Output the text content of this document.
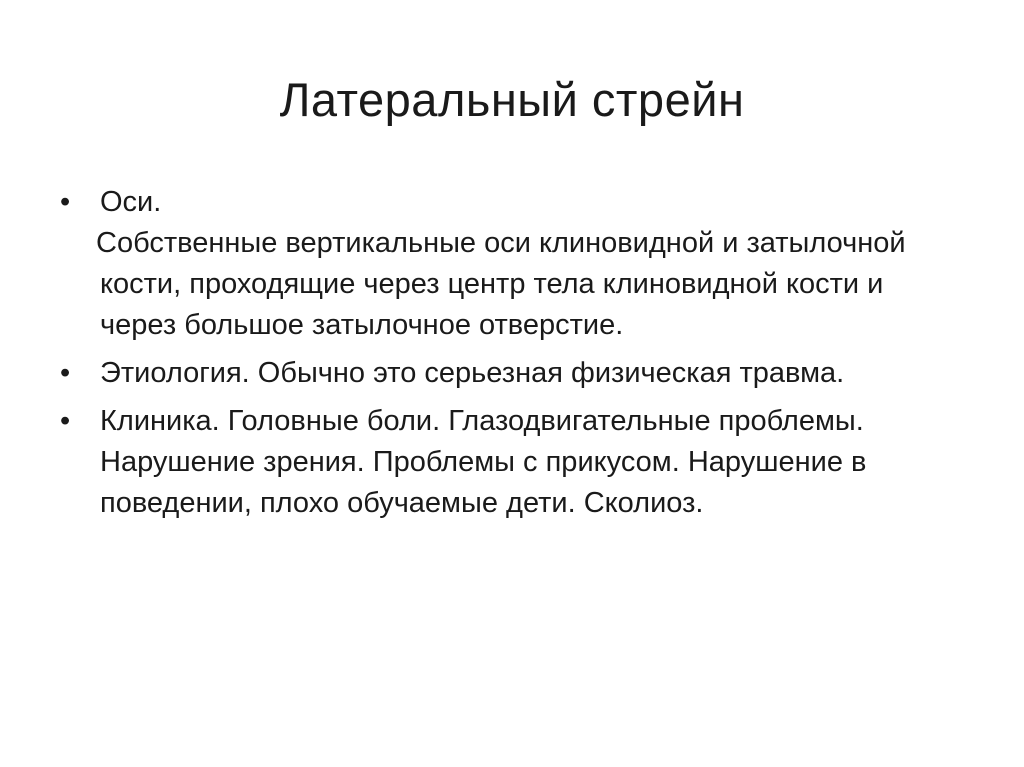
Латеральный стрейн
•	Оси.
Собственные вертикальные оси клиновидной и затылочной кости, проходящие через центр тела клиновидной кости и через большое затылочное отверстие.
•	Этиология. Обычно это серьезная физическая травма.
•	Клиника. Головные боли. Глазодвигательные проблемы. Нарушение зрения. Проблемы с прикусом. Нарушение в поведении, плохо обучаемые дети. Сколиоз.
